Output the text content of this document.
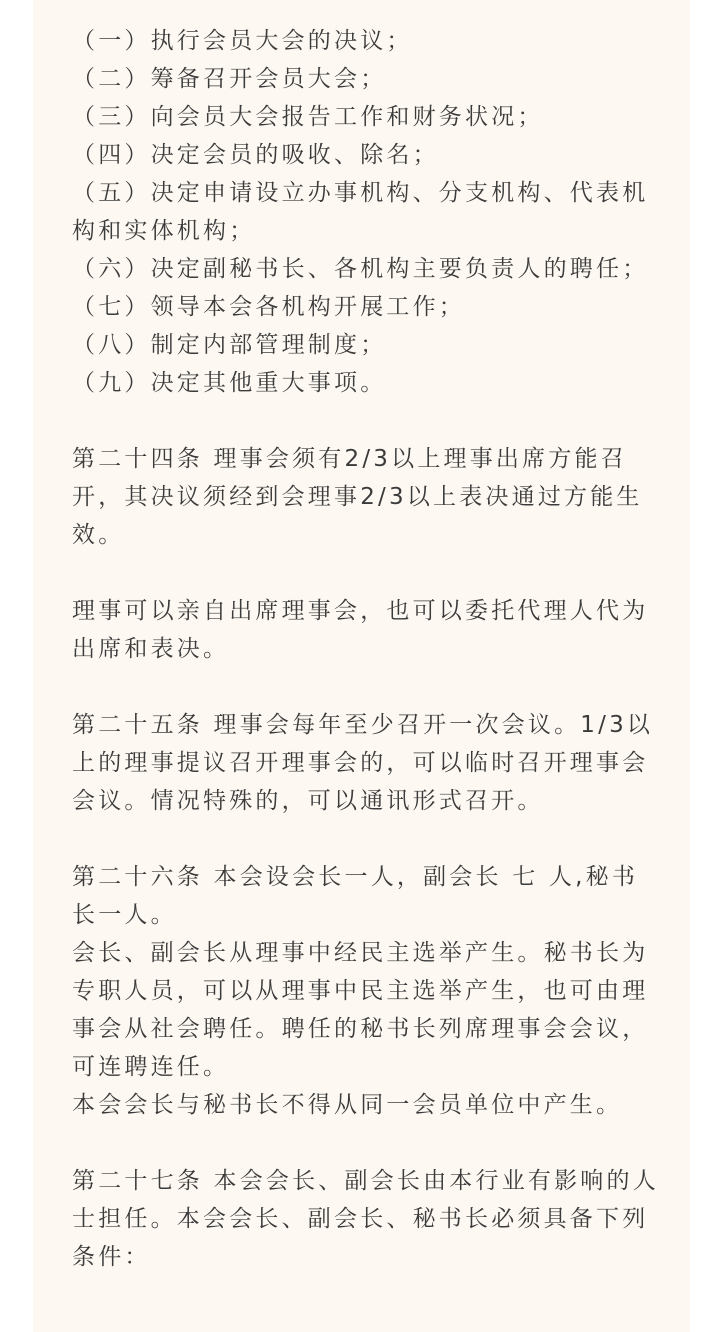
（一）执行会员大会的决议；

（二）筹备召开会员大会；

（三）向会员大会报告工作和财务状况；

（四）决定会员的吸收、除名；

（五）决定申请设立办事机构、分支机构、代表机构和实体机构；

（六）决定副秘书长、各机构主要负责人的聘任；

（七）领导本会各机构开展工作；

（八）制定内部管理制度；

（九）决定其他重大事项。

第二十四条 理事会须有2/3以上理事出席方能召开，其决议须经到会理事2/3以上表决通过方能生效。

理事可以亲自出席理事会，也可以委托代理人代为出席和表决。

第二十五条 理事会每年至少召开一次会议。1/3以上的理事提议召开理事会的，可以临时召开理事会会议。情况特殊的，可以通讯形式召开。

第二十六条 本会设会长一人，副会长 七 人,秘书长一人。

会长、副会长从理事中经民主选举产生。秘书长为专职人员，可以从理事中民主选举产生，也可由理事会从社会聘任。聘任的秘书长列席理事会会议，可连聘连任。

本会会长与秘书长不得从同一会员单位中产生。

第二十七条 本会会长、副会长由本行业有影响的人士担任。本会会长、副会长、秘书长必须具备下列条件：
